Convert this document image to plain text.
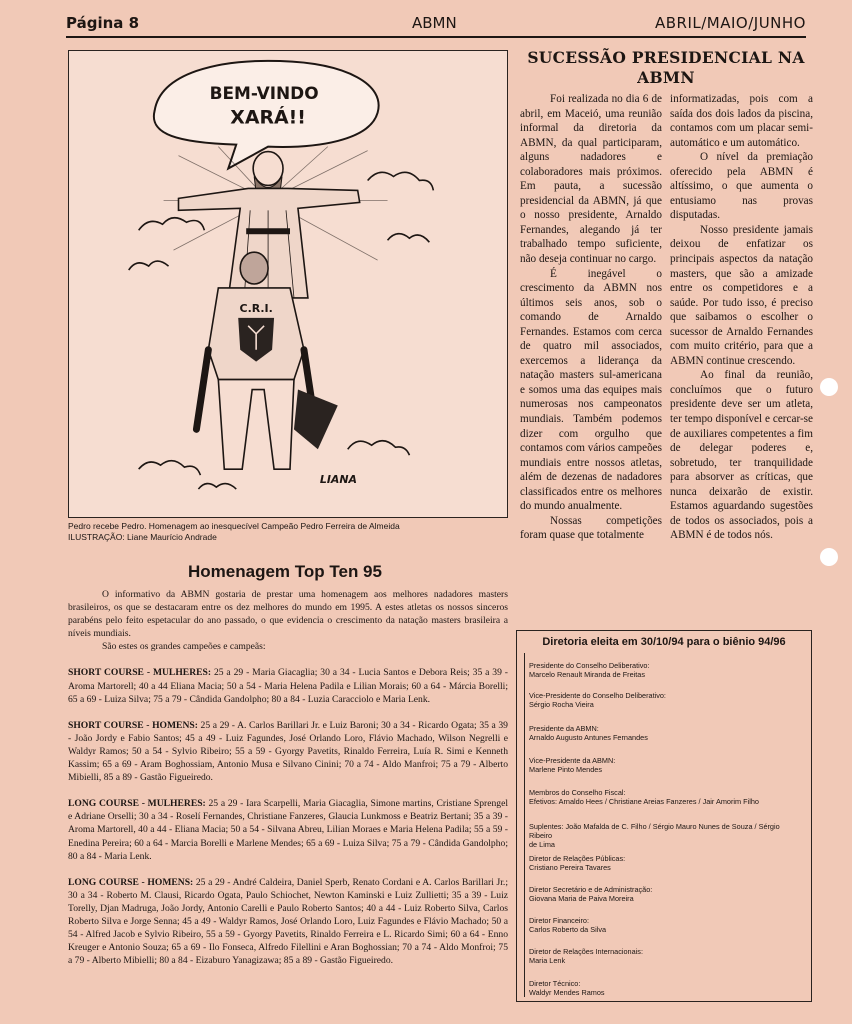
Página 8	ABMN	ABRIL/MAIO/JUNHO
BEM-VINDO
XARÁ!!
C.R.I.
LIANA
Pedro recebe Pedro. Homenagem ao inesquecível Campeão Pedro Ferreira de Almeida
ILUSTRAÇÃO: Liane Maurício Andrade
Homenagem Top Ten 95

O informativo da ABMN gostaria de prestar uma homenagem aos melhores nadadores masters brasileiros, os que se destacaram entre os dez melhores do mundo em 1995. A estes atletas os nossos sinceros parabéns pelo feito espetacular do ano passado, o que evidencia o crescimento da natação masters brasileira a níveis mundiais.

São estes os grandes campeões e campeãs:

SHORT COURSE - MULHERES: 25 a 29 - Maria Giacaglia; 30 a 34 - Lucia Santos e Debora Reis; 35 a 39 - Aroma Martorell; 40 a 44 Eliana Macia; 50 a 54 - Maria Helena Padila e Lilian Morais; 60 a 64 - Márcia Borelli; 65 a 69 - Luiza Silva; 75 a 79 - Cândida Gandolpho; 80 a 84 - Luzia Caracciolo e Maria Lenk.

SHORT COURSE - HOMENS: 25 a 29 - A. Carlos Barillari Jr. e Luiz Baroni; 30 a 34 - Ricardo Ogata; 35 a 39 - João Jordy e Fabio Santos; 45 a 49 - Luiz Fagundes, José Orlando Loro, Flávio Machado, Wilson Negrelli e Waldyr Ramos; 50 a 54 - Sylvio Ribeiro; 55 a 59 - Gyorgy Pavetits, Rinaldo Ferreira, Luía R. Simi e Kenneth Kassim; 65 a 69 - Aram Boghossiam, Antonio Musa e Silvano Cinini; 70 a 74 - Aldo Manfroi; 75 a 79 - Alberto Mibielli, 85 a 89 - Gastão Figueiredo.

LONG COURSE - MULHERES: 25 a 29 - Iara Scarpelli, Maria Giacaglia, Simone martins, Cristiane Sprengel e Adriane Orselli; 30 a 34 - Roselí Fernandes, Christiane Fanzeres, Glaucia Lunkmoss e Beatriz Bertani; 35 a 39 - Aroma Martorell, 40 a 44 - Eliana Macia; 50 a 54 - Silvana Abreu, Lilian Moraes e Maria Helena Padila; 55 a 59 - Enedina Pereira; 60 a 64 - Marcia Borelli e Marlene Mendes; 65 a 69 - Luiza Silva; 75 a 79 - Cândida Gandolpho; 80 a 84 - Maria Lenk.

LONG COURSE - HOMENS: 25 a 29 - André Caldeira, Daniel Sperb, Renato Cordani e A. Carlos Barillari Jr.; 30 a 34 - Roberto M. Clausi, Ricardo Ogata, Paulo Schiochet, Newton Kaminski e Luiz Zullietti; 35 a 39 - Luiz Torelly, Djan Madruga, João Jordy, Antonio Carelli e Paulo Roberto Santos; 40 a 44 - Luiz Roberto Silva, Carlos Roberto Silva e Jorge Senna; 45 a 49 - Waldyr Ramos, José Orlando Loro, Luiz Fagundes e Flávio Machado; 50 a 54 - Alfred Jacob e Sylvio Ribeiro, 55 a 59 - Gyorgy Pavetits, Rinaldo Ferreira e L. Ricardo Simi; 60 a 64 - Enno Kreuger e Antonio Souza; 65 a 69 - Ilo Fonseca, Alfredo Filellini e Aran Boghossian; 70 a 74 - Aldo Monfroi; 75 a 79 - Alberto Mibielli; 80 a 84 - Eizaburo Yanagizawa; 85 a 89 - Gastão Figueiredo.

SUCESSÃO PRESIDENCIAL NA
ABMN

Foi realizada no dia 6 de abril, em Maceió, uma reunião informal da diretoria da ABMN, da qual participaram, alguns nadadores e colaboradores mais próximos. Em pauta, a sucessão presidencial da ABMN, já que o nosso presidente, Arnaldo Fernandes, alegando já ter trabalhado tempo suficiente, não deseja continuar no cargo.

É inegável o crescimento da ABMN nos últimos seis anos, sob o comando de Arnaldo Fernandes. Estamos com cerca de quatro mil associados, exercemos a liderança da natação masters sul-americana e somos uma das equipes mais numerosas nos campeonatos mundiais. Também podemos dizer com orgulho que contamos com vários campeões mundiais entre nossos atletas, além de dezenas de nadadores classificados entre os melhores do mundo anualmente.

Nossas competições foram quase que totalmente

informatizadas, pois com a saída dos dois lados da piscina, contamos com um placar semi-automático e um automático.

O nível da premiação oferecido pela ABMN é altíssimo, o que aumenta o entusiamo nas provas disputadas.

Nosso presidente jamais deixou de enfatizar os principais aspectos da natação masters, que são a amizade entre os competidores e a saúde. Por tudo isso, é preciso que saibamos o escolher o sucessor de Arnaldo Fernandes com muito critério, para que a ABMN continue crescendo.

Ao final da reunião, concluímos que o futuro presidente deve ser um atleta, ter tempo disponível e cercar-se de auxiliares competentes a fim de delegar poderes e, sobretudo, ter tranquilidade para absorver as críticas, que nunca deixarão de existir. Estamos aguardando sugestões de todos os associados, pois a ABMN é de todos nós.

Diretoria eleita em 30/10/94 para o biênio 94/96
Presidente do Conselho Deliberativo:
Marcelo Renault Miranda de Freitas
Vice-Presidente do Conselho Deliberativo:
Sérgio Rocha Vieira
Presidente da ABMN:
Arnaldo Augusto Antunes Fernandes
Vice-Presidente da ABMN:
Marlene Pinto Mendes
Membros do Conselho Fiscal:
Efetivos: Arnaldo Hees / Christiane Areias Fanzeres / Jair Amorim Filho
Suplentes: João Mafalda de C. Filho / Sérgio Mauro Nunes de Souza / Sérgio Ribeiro
de Lima
Diretor de Relações Públicas:
Cristiano Pereira Tavares
Diretor Secretário e de Administração:
Giovana Maria de Paiva Moreira
Diretor Financeiro:
Carlos Roberto da Silva
Diretor de Relações Internacionais:
Maria Lenk
Diretor Técnico:
Waldyr Mendes Ramos
